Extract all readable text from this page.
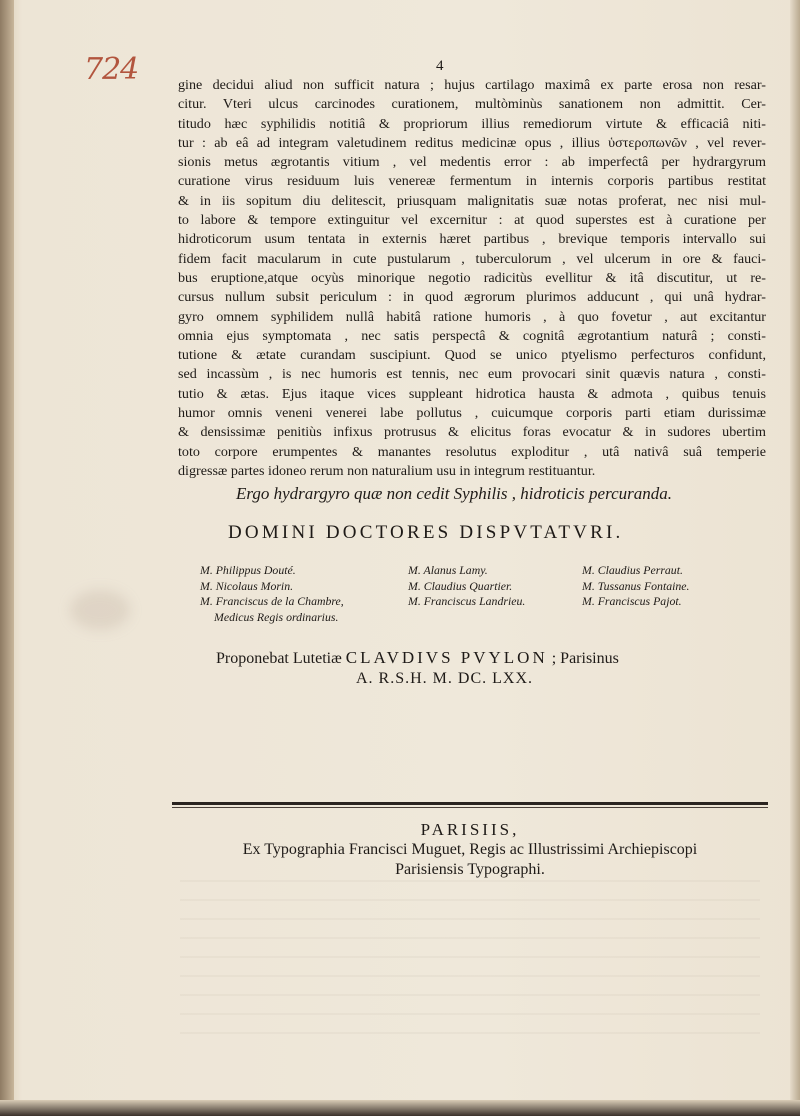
724	4
gine decidui aliud non sufficit natura ; hujus cartilago maximâ ex parte erosa non resar-
citur. Vteri ulcus carcinodes curationem, multòminùs sanationem non admittit. Cer-
titudo hæc syphilidis notitiâ & propriorum illius remediorum virtute & efficaciâ niti-
tur : ab eâ ad integram valetudinem reditus medicinæ opus , illius ὑστεροπωνῶν , vel rever-
sionis metus ægrotantis vitium , vel medentis error : ab imperfectâ per hydrargyrum
curatione virus residuum luis venereæ fermentum in internis corporis partibus restitat
& in iis sopitum diu delitescit, priusquam malignitatis suæ notas proferat, nec nisi mul-
to labore & tempore extinguitur vel excernitur : at quod superstes est à curatione per
hidroticorum usum tentata in externis hæret partibus , brevique temporis intervallo sui
fidem facit macularum in cute pustularum , tuberculorum , vel ulcerum in ore & fauci-
bus eruptione,atque ocyùs minorique negotio radicitùs evellitur & itâ discutitur, ut re-
cursus nullum subsit periculum : in quod ægrorum plurimos adducunt , qui unâ hydrar-
gyro omnem syphilidem nullâ habitâ ratione humoris , à quo fovetur , aut excitantur
omnia ejus symptomata , nec satis perspectâ & cognitâ ægrotantium naturâ ; consti-
tutione & ætate curandam suscipiunt. Quod se unico ptyelismo perfecturos confidunt,
sed incassùm , is nec humoris est tennis, nec eum provocari sinit quævis natura , consti-
tutio & ætas. Ejus itaque vices suppleant hidrotica hausta & admota , quibus tenuis
humor omnis veneni venerei labe pollutus , cuicumque corporis parti etiam durissimæ
& densissimæ penitiùs infixus protrusus & elicitus foras evocatur & in sudores ubertim
toto corpore erumpentes & manantes resolutus exploditur , utâ nativâ suâ temperie
digressæ partes idoneo rerum non naturalium usu in integrum restituantur.
Ergo hydrargyro quæ non cedit Syphilis , hidroticis percuranda.
DOMINI DOCTORES DISPVTATVRI.
M. Philippus Douté.
M. Nicolaus Morin.
M. Franciscus de la Chambre,
Medicus Regis ordinarius.
M. Alanus Lamy.
M. Claudius Quartier.
M. Franciscus Landrieu.
M. Claudius Perraut.
M. Tussanus Fontaine.
M. Franciscus Pajot.
Proponebat Lutetiæ CLAVDIVS PVYLON ; Parisinus
A. R.S.H. M. DC. LXX.
PARISIIS,
Ex Typographia Francisci Muguet, Regis ac Illustrissimi Archiepiscopi
Parisiensis Typographi.
